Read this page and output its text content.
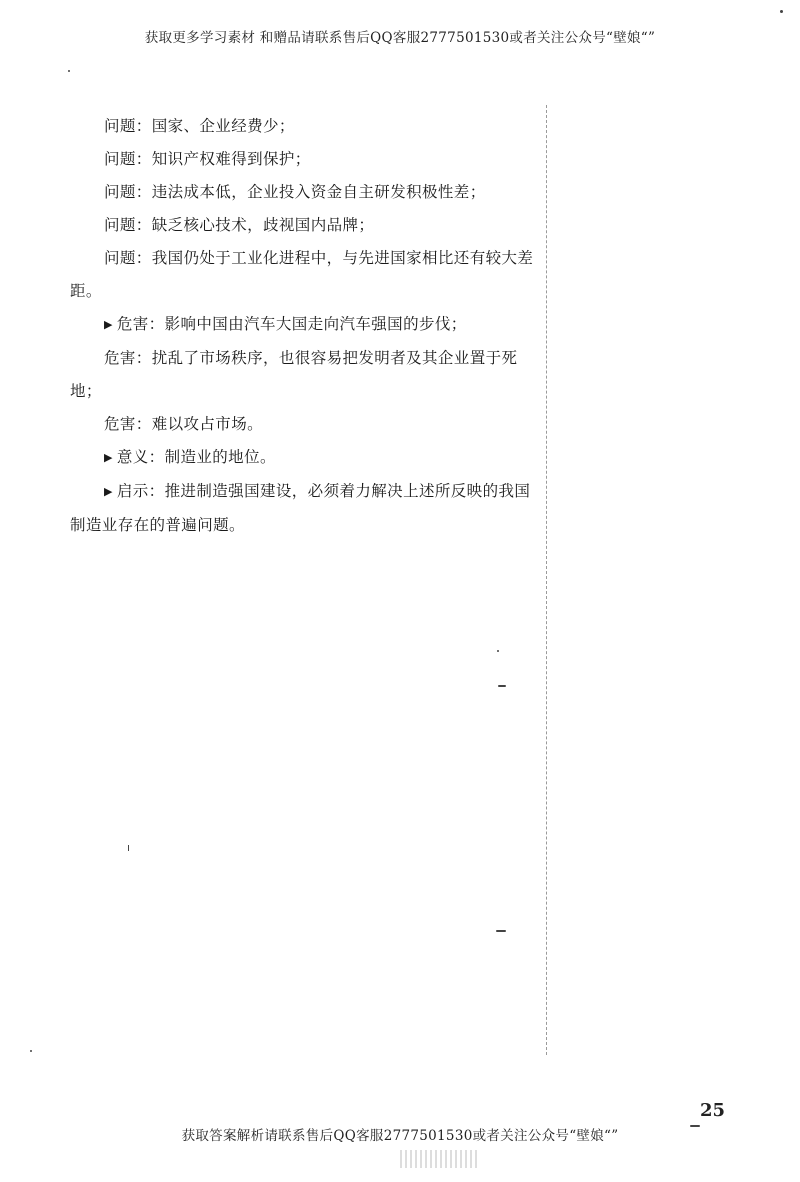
获取更多学习素材 和赠品请联系售后QQ客服2777501530或者关注公众号“壁娘“”

问题：国家、企业经费少；

问题：知识产权难得到保护；

问题：违法成本低，企业投入资金自主研发积极性差；

问题：缺乏核心技术，歧视国内品牌；

问题：我国仍处于工业化进程中，与先进国家相比还有较大差距。

▶ 危害：影响中国由汽车大国走向汽车强国的步伐；

危害：扰乱了市场秩序，也很容易把发明者及其企业置于死地；

危害：难以攻占市场。

▶ 意义：制造业的地位。

▶ 启示：推进制造强国建设，必须着力解决上述所反映的我国制造业存在的普遍问题。

25
获取答案解析请联系售后QQ客服2777501530或者关注公众号“壁娘“”
